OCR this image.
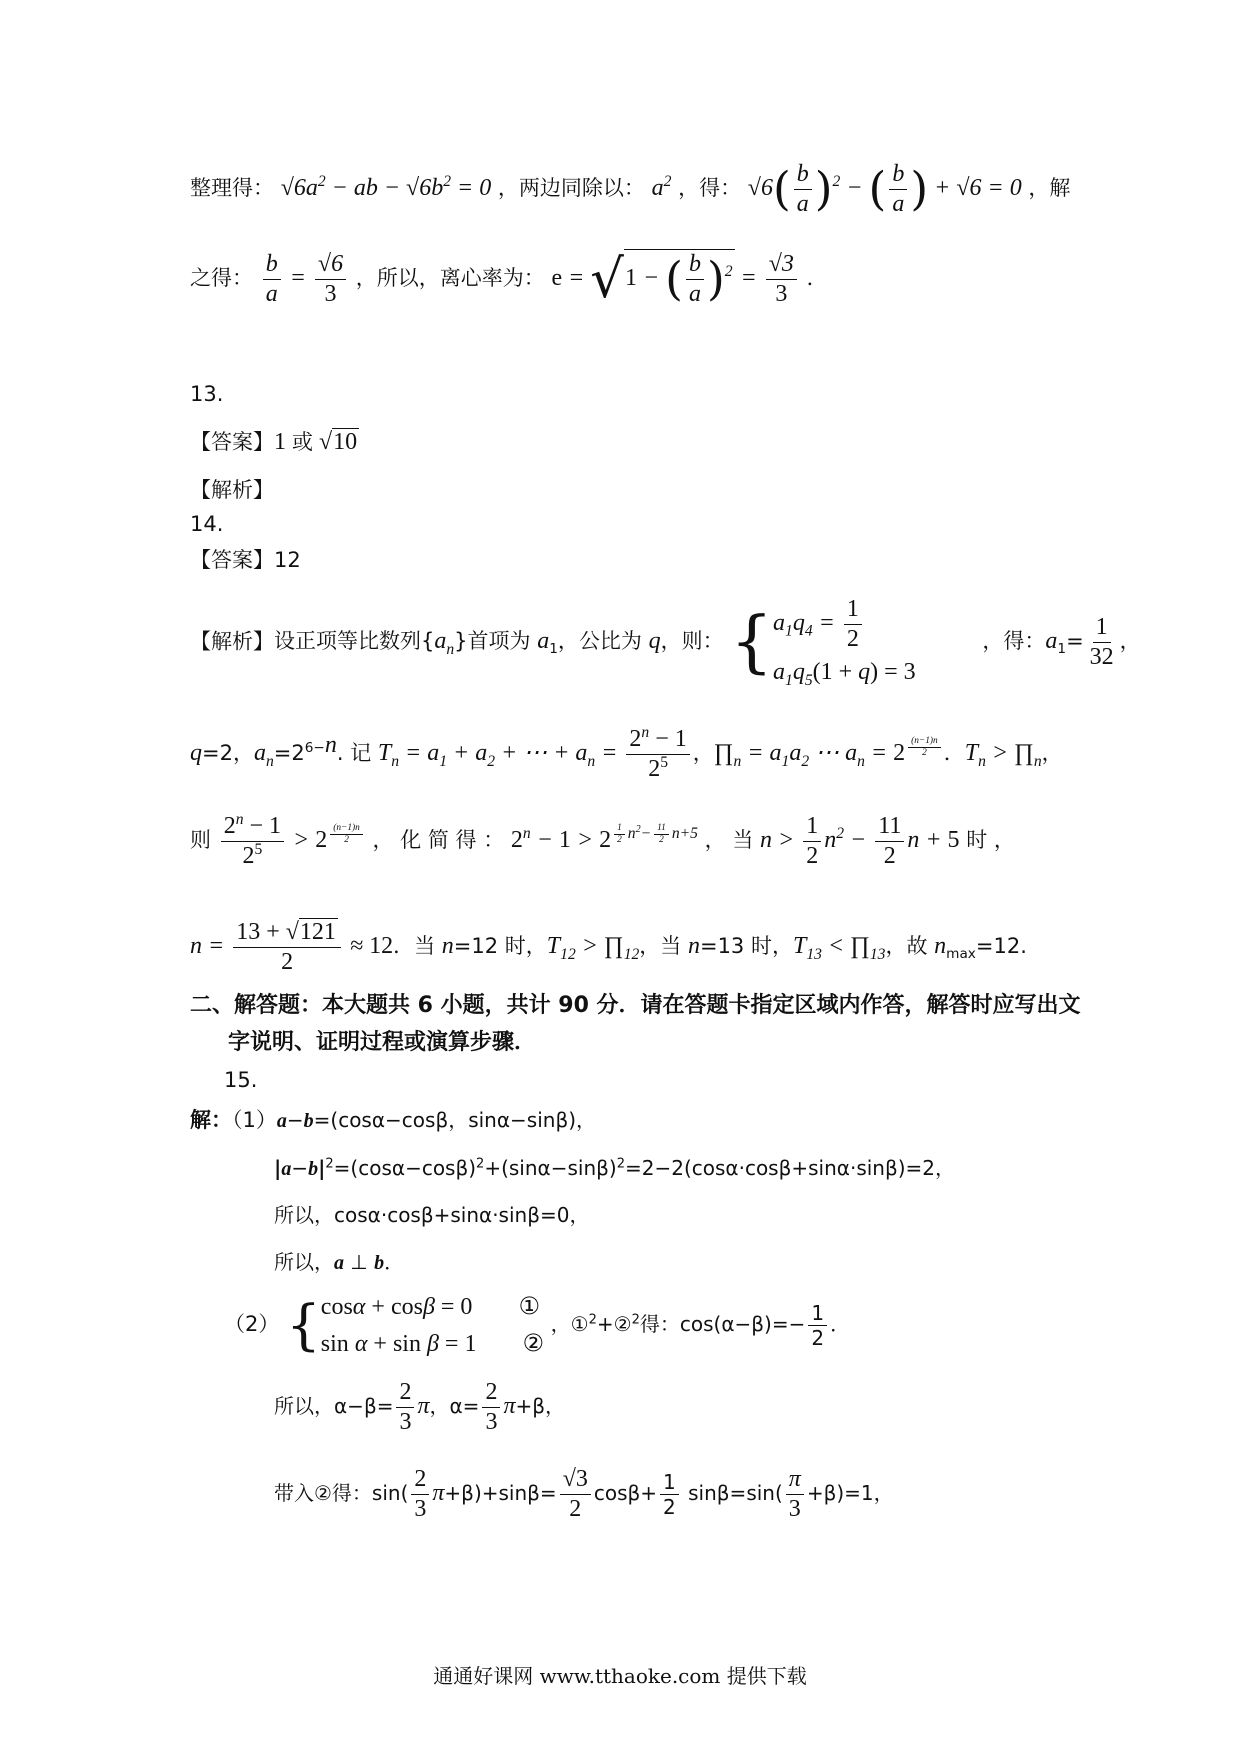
整理得： $√6a^2$ − ab − $√6b^2 = 0$ ，两边同除以： $a^2$ ，得： $√6( \frac{b}{a} )^2$ − ( $\frac{b}{a}$ ) + √6 = 0 ，解
之得： $\frac{b}{a} = \frac{√6}{3}$ ，所以，离心率为： e = √1 − ( $\frac{b}{a} )^2 = \frac{√3}{3}$ ．
13.
【答案】1 或 √10
【解析】
14.
【答案】12
【解析】设正项等比数列$\{a_n\}$首项为 $a_1$，公比为 q，则： { $a_1q_4 = \frac{1}{2}$
$a_1q_5(1 + q) = 3$
，得：$a_1= \frac{1}{32}$ ，
q=2，$a_n=2^{6-n}$. 记 $T_n = a_1 + a_2$ + ⋯ + $a_n = \frac{2^n - 1}{2^5}$ ，$\prod_n = a_1a_2$ ⋯ $a_n = 2$ $^{\frac{(n-1)n}{2}}$ ．$T_n$ > $\prod_n$，
则 $\frac{2^n - 1}{2^5} > 2$ $^{\frac{(n-1)n}{2}}$ ， 化 简 得 ： $2^n - 1 > 2$ $^{\frac{1}{2} n^2- \frac{11}{2} n+5}$ ， 当 $n > \frac{1}{2} n^2 - \frac{11}{2}$ n + 5 时 ，
$n = \frac{13 + √121}{2} \approx 12$．当 n=12 时，$T_{12}$ > $\prod_{12}$，当 n=13 时，$T_{13}$ < $\prod_{13}$，故 $n_{max}=12$.
二、解答题：本大题共 6 小题，共计 90 分．请在答题卡指定区域内作答，解答时应写出文
字说明、证明过程或演算步骤．
15.
解：（1）a−b=(cosα−cosβ，sinα−sinβ)，
$|a-b|^2=(\cos\alpha-\cos\beta)^2+(\sin\alpha-\sin\beta)^2=2-2(\cos\alpha\cdot\cos\beta+\sin\alpha\cdot\sin\beta)=2$，
所以，cosα·cosβ+sinα·sinβ=0，
所以，a ⊥ b．
（2） { cosα + cosβ = 0 ①
sin α + sin β = 1 ②
，①$^2$+②$^2$得：$\cos(\alpha-\beta)=- \frac{1}{2}$ ．
所以，$\alpha-\beta= \frac{2}{3}$ π，$\alpha= \frac{2}{3} \pi+\beta$，
带入②得：$\sin( \frac{2}{3} \pi+\beta)+\sin\beta= \frac{√3}{2} \cos\beta+ \frac{1}{2} \sin\beta=\sin( \frac{\pi}{3} +\beta)=1$，
通通好课网 www.tthaoke.com 提供下载
